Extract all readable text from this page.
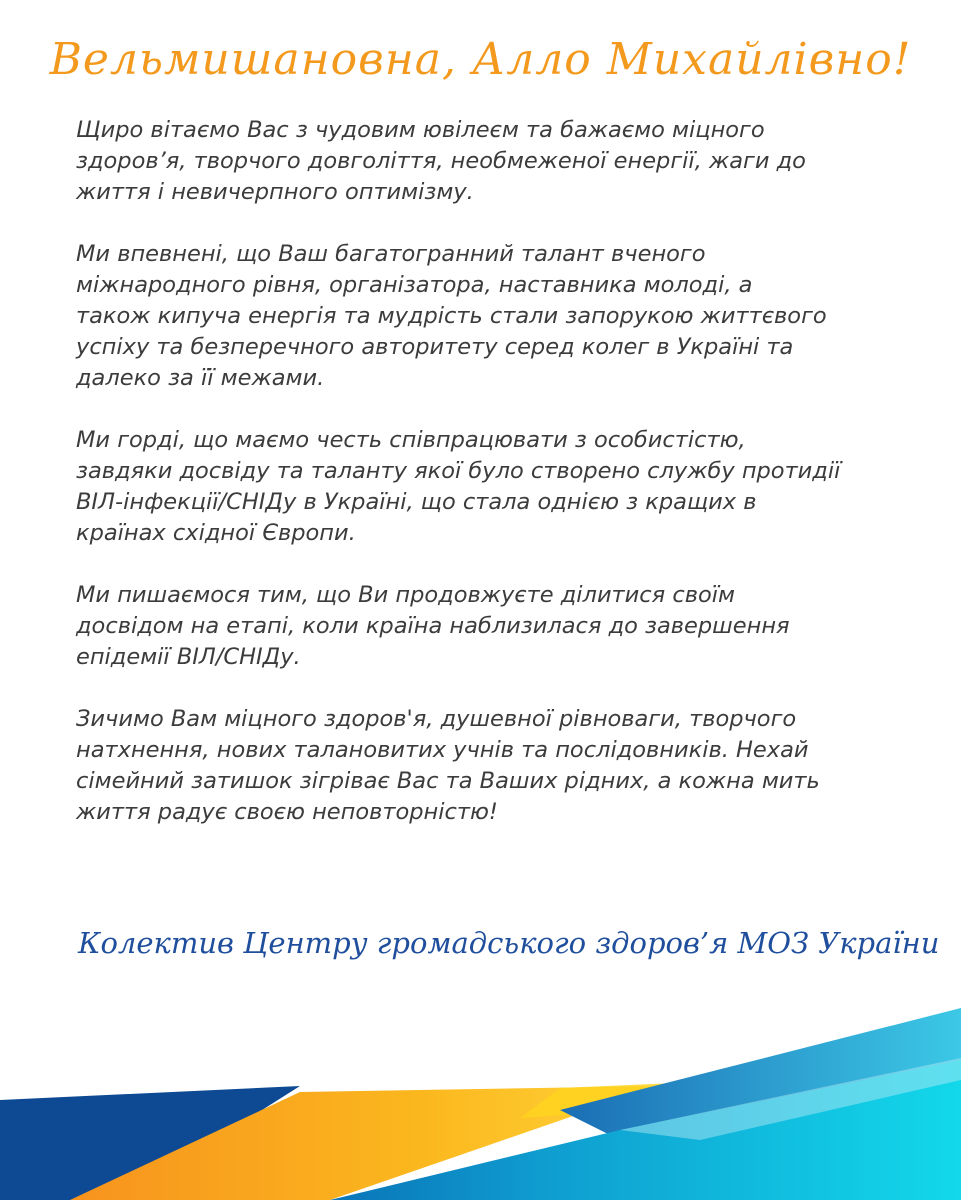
Вельмишановна, Алло Михайлівно!

Щиро вітаємо Вас з чудовим ювілеєм та бажаємо міцного
здоров’я, творчого довголіття, необмеженої енергії, жаги до
життя і невичерпного оптимізму.

Ми впевнені, що Ваш багатогранний талант вченого
міжнародного рівня, організатора, наставника молоді, а
також кипуча енергія та мудрість стали запорукою життєвого
успіху та безперечного авторитету серед колег в Україні та
далеко за її межами.

Ми горді, що маємо честь співпрацювати з особистістю,
завдяки досвіду та таланту якої було створено службу протидії
ВІЛ-інфекції/СНІДу в Україні, що стала однією з кращих в
країнах східної Європи.

Ми пишаємося тим, що Ви продовжуєте ділитися своїм
досвідом на етапі, коли країна наблизилася до завершення
епідемії ВІЛ/СНІДу.

Зичимо Вам міцного здоров'я, душевної рівноваги, творчого
натхнення, нових талановитих учнів та послідовників. Нехай
сімейний затишок зігріває Вас та Ваших рідних, а кожна мить
життя радує своєю неповторністю!

Колектив Центру громадського здоров’я МОЗ України
